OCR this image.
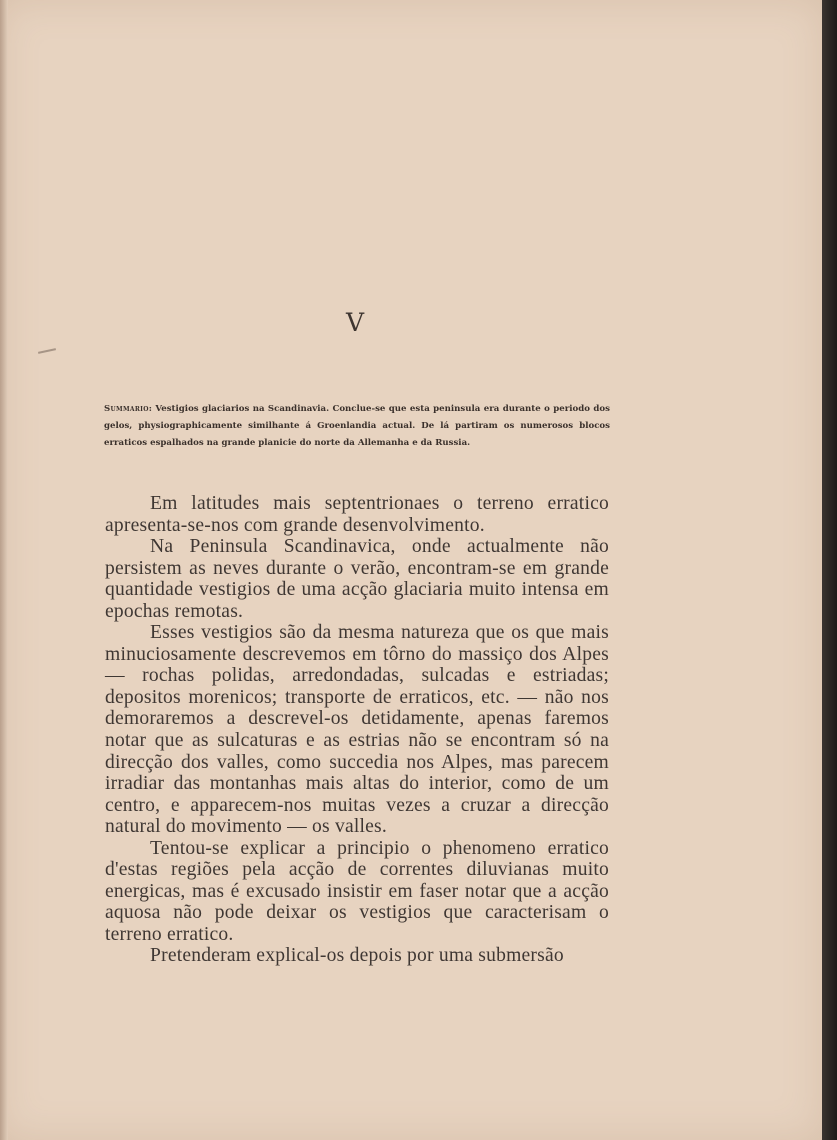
V
Summario: Vestigios glaciarios na Scandinavia. Conclue-se que esta peninsula era durante o periodo dos gelos, physiographicamente similhante á Groenlandia actual. De lá partiram os numerosos blocos erraticos espalhados na grande planicie do norte da Allemanha e da Russia.

Em latitudes mais septentrionaes o terreno erratico apresenta-se-nos com grande desenvolvimento.

Na Peninsula Scandinavica, onde actualmente não persistem as neves durante o verão, encontram-se em grande quantidade vestigios de uma acção glaciaria muito intensa em epochas remotas.

Esses vestigios são da mesma natureza que os que mais minuciosamente descrevemos em tôrno do massiço dos Alpes — rochas polidas, arredondadas, sulcadas e estriadas; depositos morenicos; transporte de erraticos, etc. — não nos demoraremos a descrevel-os detidamente, apenas faremos notar que as sulcaturas e as estrias não se encontram só na direcção dos valles, como succedia nos Alpes, mas parecem irradiar das montanhas mais altas do interior, como de um centro, e apparecem-nos muitas vezes a cruzar a direcção natural do movimento — os valles.

Tentou-se explicar a principio o phenomeno erratico d'estas regiões pela acção de correntes diluvianas muito energicas, mas é excusado insistir em faser notar que a acção aquosa não pode deixar os vestigios que caracterisam o terreno erratico.

Pretenderam explical-os depois por uma submersão
